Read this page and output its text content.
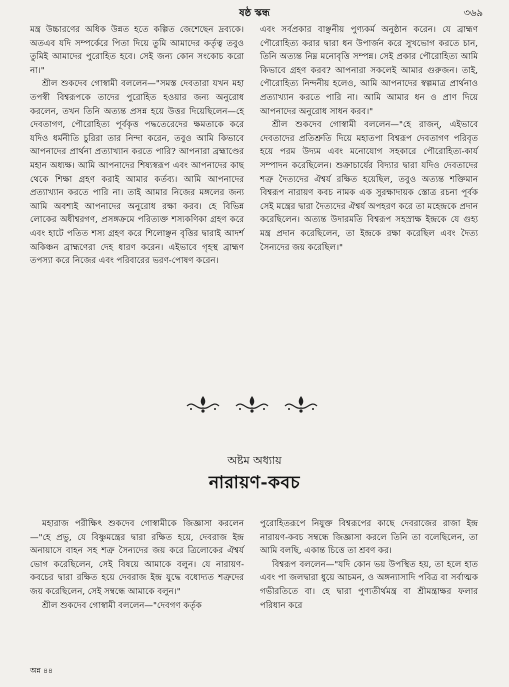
ষষ্ঠ স্কন্ধ	৩৬৯

মন্ত্র উচ্চারণের অধিক উন্নত হতে কল্পিত জেশেছেন দ্রব্যকে। অতএব যদি সম্পর্কেরে পিতা দিয়ে তুমি আমাদের কর্তৃত্ব তবুও তুমিই আমাদের পুরোহিত হবে। সেই জন্য কোন সংকোচ করো না।"

শ্রীল শুকদেব গোস্বামী বললেন—"সমস্ত দেবতারা যখন মহা তপস্বী বিশ্বরূপকে তাদের পুরোহিত হওয়ার জন্য অনুরোধ করলেন, তখন তিনি অত্যন্ত প্রসন্ন হয়ে উত্তর দিয়েছিলেন—হে দেবতাগণ, পৌরোহিত্য পূর্বকৃত্ত পদ্ধতেরেদের ক্ষমতাকে করে যদিও ধর্মনীতি চুরিরা তার নিন্দা করেন, তবুও আমি কিভাবে আপনাদের প্রার্থনা প্রত্যাখ্যান করতে পারি? আপনারা ব্রহ্মাণ্ডের মহান অধ্যক্ষ। আমি আপনাদের শিষ্যস্বরূপ এবং আপনাদের কাছ থেকে শিক্ষা গ্রহণ করাই আমার কর্তব্য। আমি আপনাদের প্রত্যাখ্যান করতে পারি না। তাই আমার নিজের মঙ্গলের জন্য আমি অবশ্যই আপনাদের অনুরোধ রক্ষা করব। হে বিভিন্ন লোকের অধীশ্বরগণ, প্রসঙ্গক্রমে পরিত্যক্ত শস্যকণিকা গ্রহণ করে এবং হাটে পতিত শস্য গ্রহণ করে শিলোঞ্ছন বৃত্তির দ্বারাই আদর্শ অকিঞ্চন ব্রাহ্মণেরা দেহ ধারণ করেন। এইভাবে গৃহস্থ ব্রাহ্মণ তপস্যা করে নিজের এবং পরিবারের ভরণ-পোষণ করেন।

এবং সর্বপ্রকার বাঞ্ছনীয় পুণ্যকর্ম অনুষ্ঠান করেন। যে ব্রাহ্মণ পৌরোহিত্য করার দ্বারা ধন উপার্জন করে সুখভোগ করতে চান, তিনি অত্যন্ত নিম্ন মনোবৃত্তি সম্পন্ন। সেই প্রকার পৌরোহিত্য আমি কিভাবে গ্রহণ করব? আপনারা সকলেই আমার গুরুজন। তাই, পৌরোহিত্য নিন্দনীয় হলেও, আমি আপনাদের স্বল্পমাত্র প্রার্থনাও প্রত্যাখ্যান করতে পারি না। আমি আমার ধন ও প্রাণ দিয়ে আপনাদের অনুরোধ সাধন করব।"

শ্রীল শুকদেব গোস্বামী বললেন—"হে রাজন্, এইভাবে দেবতাদের প্রতিশ্রুতি দিয়ে মহাতপা বিশ্বরূপ দেবতাগণ পরিবৃত হয়ে পরম উদ্যম এবং মনোযোগ সহকারে পৌরোহিত্য-কার্য সম্পাদন করেছিলেন। শুক্রাচার্যের বিদ্যার দ্বারা যদিও দেবতাদের শত্রু দৈত্যদের ঐশ্বর্য রক্ষিত হয়েছিল, তবুও অত্যন্ত শক্তিমান বিশ্বরূপ নারায়ণ কবচ নামক এক সুরক্ষাদায়ক স্তোত্র রচনা পূর্বক সেই মন্ত্রের দ্বারা দৈত্যদের ঐশ্বর্য অপহরণ করে তা মহেন্দ্রকে প্রদান করেছিলেন। অত্যন্ত উদারমতি বিশ্বরূপ সহস্রাক্ষ ইন্দ্রকে যে গুহ্য মন্ত্র প্রদান করেছিলেন, তা ইন্দ্রকে রক্ষা করেছিল এবং দৈত্য সৈন্যদের জয় করেছিল।"

অষ্টম অধ্যায়
নারায়ণ-কবচ

মহারাজ পরীক্ষিৎ শুকদেব গোস্বামীকে জিজ্ঞাসা করলেন—"হে প্রভু, যে বিষ্ণুমন্ত্রের দ্বারা রক্ষিত হয়ে, দেবরাজ ইন্দ্র অনায়াসে বাহন সহ শত্রু সৈন্যদের জয় করে ত্রিলোকের ঐশ্বর্য ভোগ করেছিলেন, সেই বিষয়ে আমাকে বলুন। যে নারায়ণ-কবচের দ্বারা রক্ষিত হয়ে দেবরাজ ইন্দ্র যুদ্ধে বধোদ্যত শত্রুদের জয় করেছিলেন, সেই সম্বন্ধে আমাকে বলুন।"

শ্রীল শুকদেব গোস্বামী বললেন—"দেবগণ কর্তৃক

পুরোহিতরূপে নিযুক্ত বিশ্বরূপের কাছে দেবরাজের রাজা ইন্দ্র নারায়ণ-কবচ সম্বন্ধে জিজ্ঞাসা করলে তিনি তা বলেছিলেন, তা আমি বলছি, একান্ত চিত্তে তা শ্রবণ কর।

বিশ্বরূপ বললেন—"যদি কোন ভয় উপস্থিত হয়, তা হলে হাত এবং পা জলদ্বারা ধুয়ে আচমন, ও অঙ্গন্যাসাদি পবিত্র বা সর্বাত্মক গভীরতিতে বা। হে দ্বারা পুণ্যতীর্থমন্ত্র বা শ্রীমন্ত্রাক্ষর ফলার পরিধান করে

অন্ন ৪৪
